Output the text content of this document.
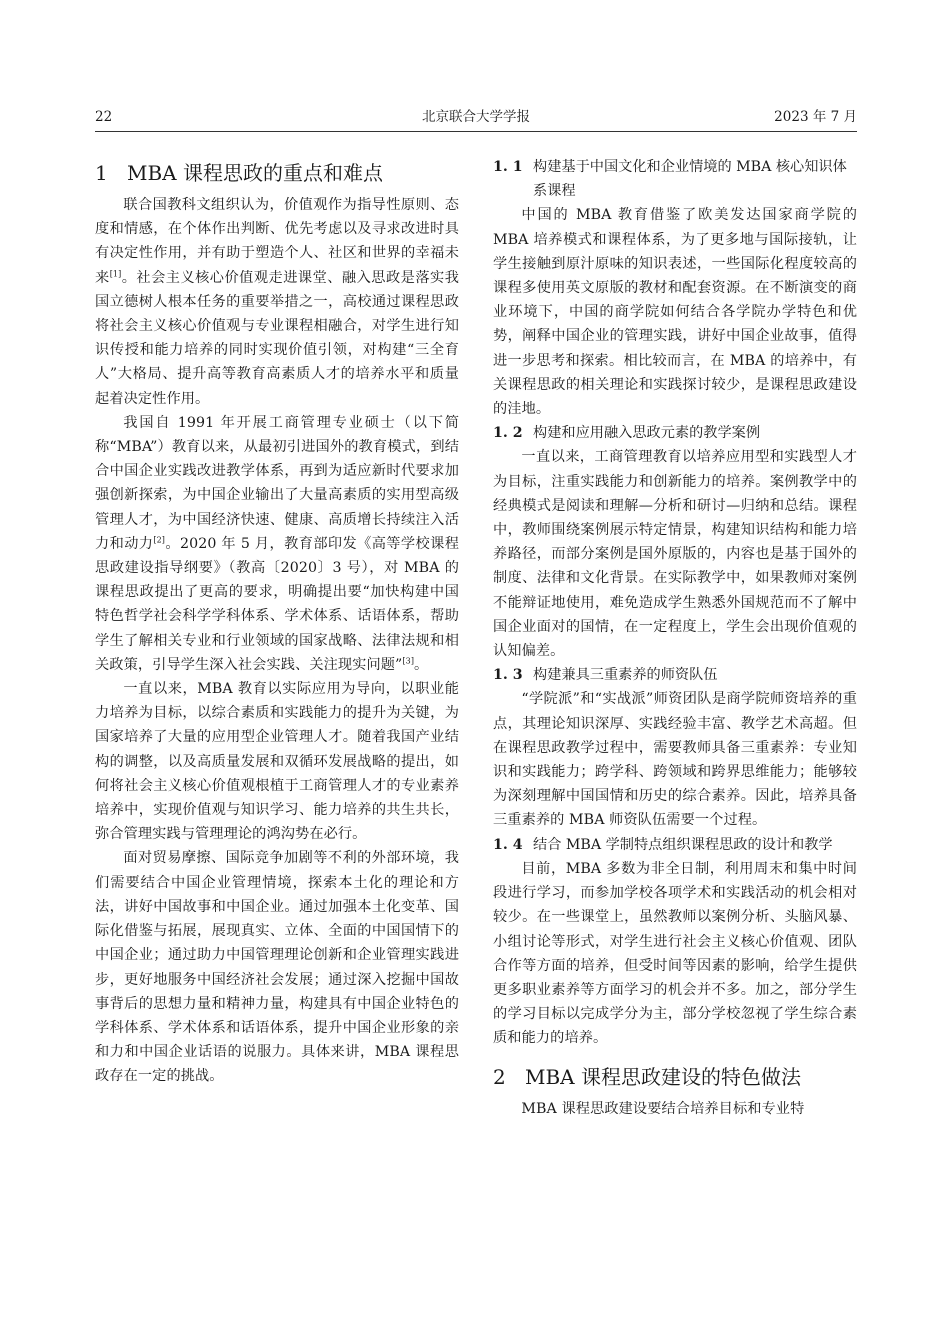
22	北京联合大学学报	2023 年 7 月
1 MBA 课程思政的重点和难点

联合国教科文组织认为，价值观作为指导性原则、态度和情感，在个体作出判断、优先考虑以及寻求改进时具有决定性作用，并有助于塑造个人、社区和世界的幸福未来[1]。社会主义核心价值观走进课堂、融入思政是落实我国立德树人根本任务的重要举措之一，高校通过课程思政将社会主义核心价值观与专业课程相融合，对学生进行知识传授和能力培养的同时实现价值引领，对构建“三全育人”大格局、提升高等教育高素质人才的培养水平和质量起着决定性作用。

我国自 1991 年开展工商管理专业硕士（以下简称“MBA”）教育以来，从最初引进国外的教育模式，到结合中国企业实践改进教学体系，再到为适应新时代要求加强创新探索，为中国企业输出了大量高素质的实用型高级管理人才，为中国经济快速、健康、高质增长持续注入活力和动力[2]。2020 年 5 月，教育部印发《高等学校课程思政建设指导纲要》（教高〔2020〕3 号），对 MBA 的课程思政提出了更高的要求，明确提出要“加快构建中国特色哲学社会科学学科体系、学术体系、话语体系，帮助学生了解相关专业和行业领域的国家战略、法律法规和相关政策，引导学生深入社会实践、关注现实问题”[3]。

一直以来，MBA 教育以实际应用为导向，以职业能力培养为目标，以综合素质和实践能力的提升为关键，为国家培养了大量的应用型企业管理人才。随着我国产业结构的调整，以及高质量发展和双循环发展战略的提出，如何将社会主义核心价值观根植于工商管理人才的专业素养培养中，实现价值观与知识学习、能力培养的共生共长，弥合管理实践与管理理论的鸿沟势在必行。

面对贸易摩擦、国际竞争加剧等不利的外部环境，我们需要结合中国企业管理情境，探索本土化的理论和方法，讲好中国故事和中国企业。通过加强本土化变革、国际化借鉴与拓展，展现真实、立体、全面的中国国情下的中国企业；通过助力中国管理理论创新和企业管理实践进步，更好地服务中国经济社会发展；通过深入挖掘中国故事背后的思想力量和精神力量，构建具有中国企业特色的学科体系、学术体系和话语体系，提升中国企业形象的亲和力和中国企业话语的说服力。具体来讲，MBA 课程思政存在一定的挑战。

1. 1 构建基于中国文化和企业情境的 MBA 核心知识体系课程

中国的 MBA 教育借鉴了欧美发达国家商学院的 MBA 培养模式和课程体系，为了更多地与国际接轨，让学生接触到原汁原味的知识表述，一些国际化程度较高的课程多使用英文原版的教材和配套资源。在不断演变的商业环境下，中国的商学院如何结合各学院办学特色和优势，阐释中国企业的管理实践，讲好中国企业故事，值得进一步思考和探索。相比较而言，在 MBA 的培养中，有关课程思政的相关理论和实践探讨较少，是课程思政建设的洼地。

1. 2 构建和应用融入思政元素的教学案例

一直以来，工商管理教育以培养应用型和实践型人才为目标，注重实践能力和创新能力的培养。案例教学中的经典模式是阅读和理解—分析和研讨—归纳和总结。课程中，教师围绕案例展示特定情景，构建知识结构和能力培养路径，而部分案例是国外原版的，内容也是基于国外的制度、法律和文化背景。在实际教学中，如果教师对案例不能辩证地使用，难免造成学生熟悉外国规范而不了解中国企业面对的国情，在一定程度上，学生会出现价值观的认知偏差。

1. 3 构建兼具三重素养的师资队伍

“学院派”和“实战派”师资团队是商学院师资培养的重点，其理论知识深厚、实践经验丰富、教学艺术高超。但在课程思政教学过程中，需要教师具备三重素养：专业知识和实践能力；跨学科、跨领域和跨界思维能力；能够较为深刻理解中国国情和历史的综合素养。因此，培养具备三重素养的 MBA 师资队伍需要一个过程。

1. 4 结合 MBA 学制特点组织课程思政的设计和教学

目前，MBA 多数为非全日制，利用周末和集中时间段进行学习，而参加学校各项学术和实践活动的机会相对较少。在一些课堂上，虽然教师以案例分析、头脑风暴、小组讨论等形式，对学生进行社会主义核心价值观、团队合作等方面的培养，但受时间等因素的影响，给学生提供更多职业素养等方面学习的机会并不多。加之，部分学生的学习目标以完成学分为主，部分学校忽视了学生综合素质和能力的培养。

2 MBA 课程思政建设的特色做法

MBA 课程思政建设要结合培养目标和专业特
